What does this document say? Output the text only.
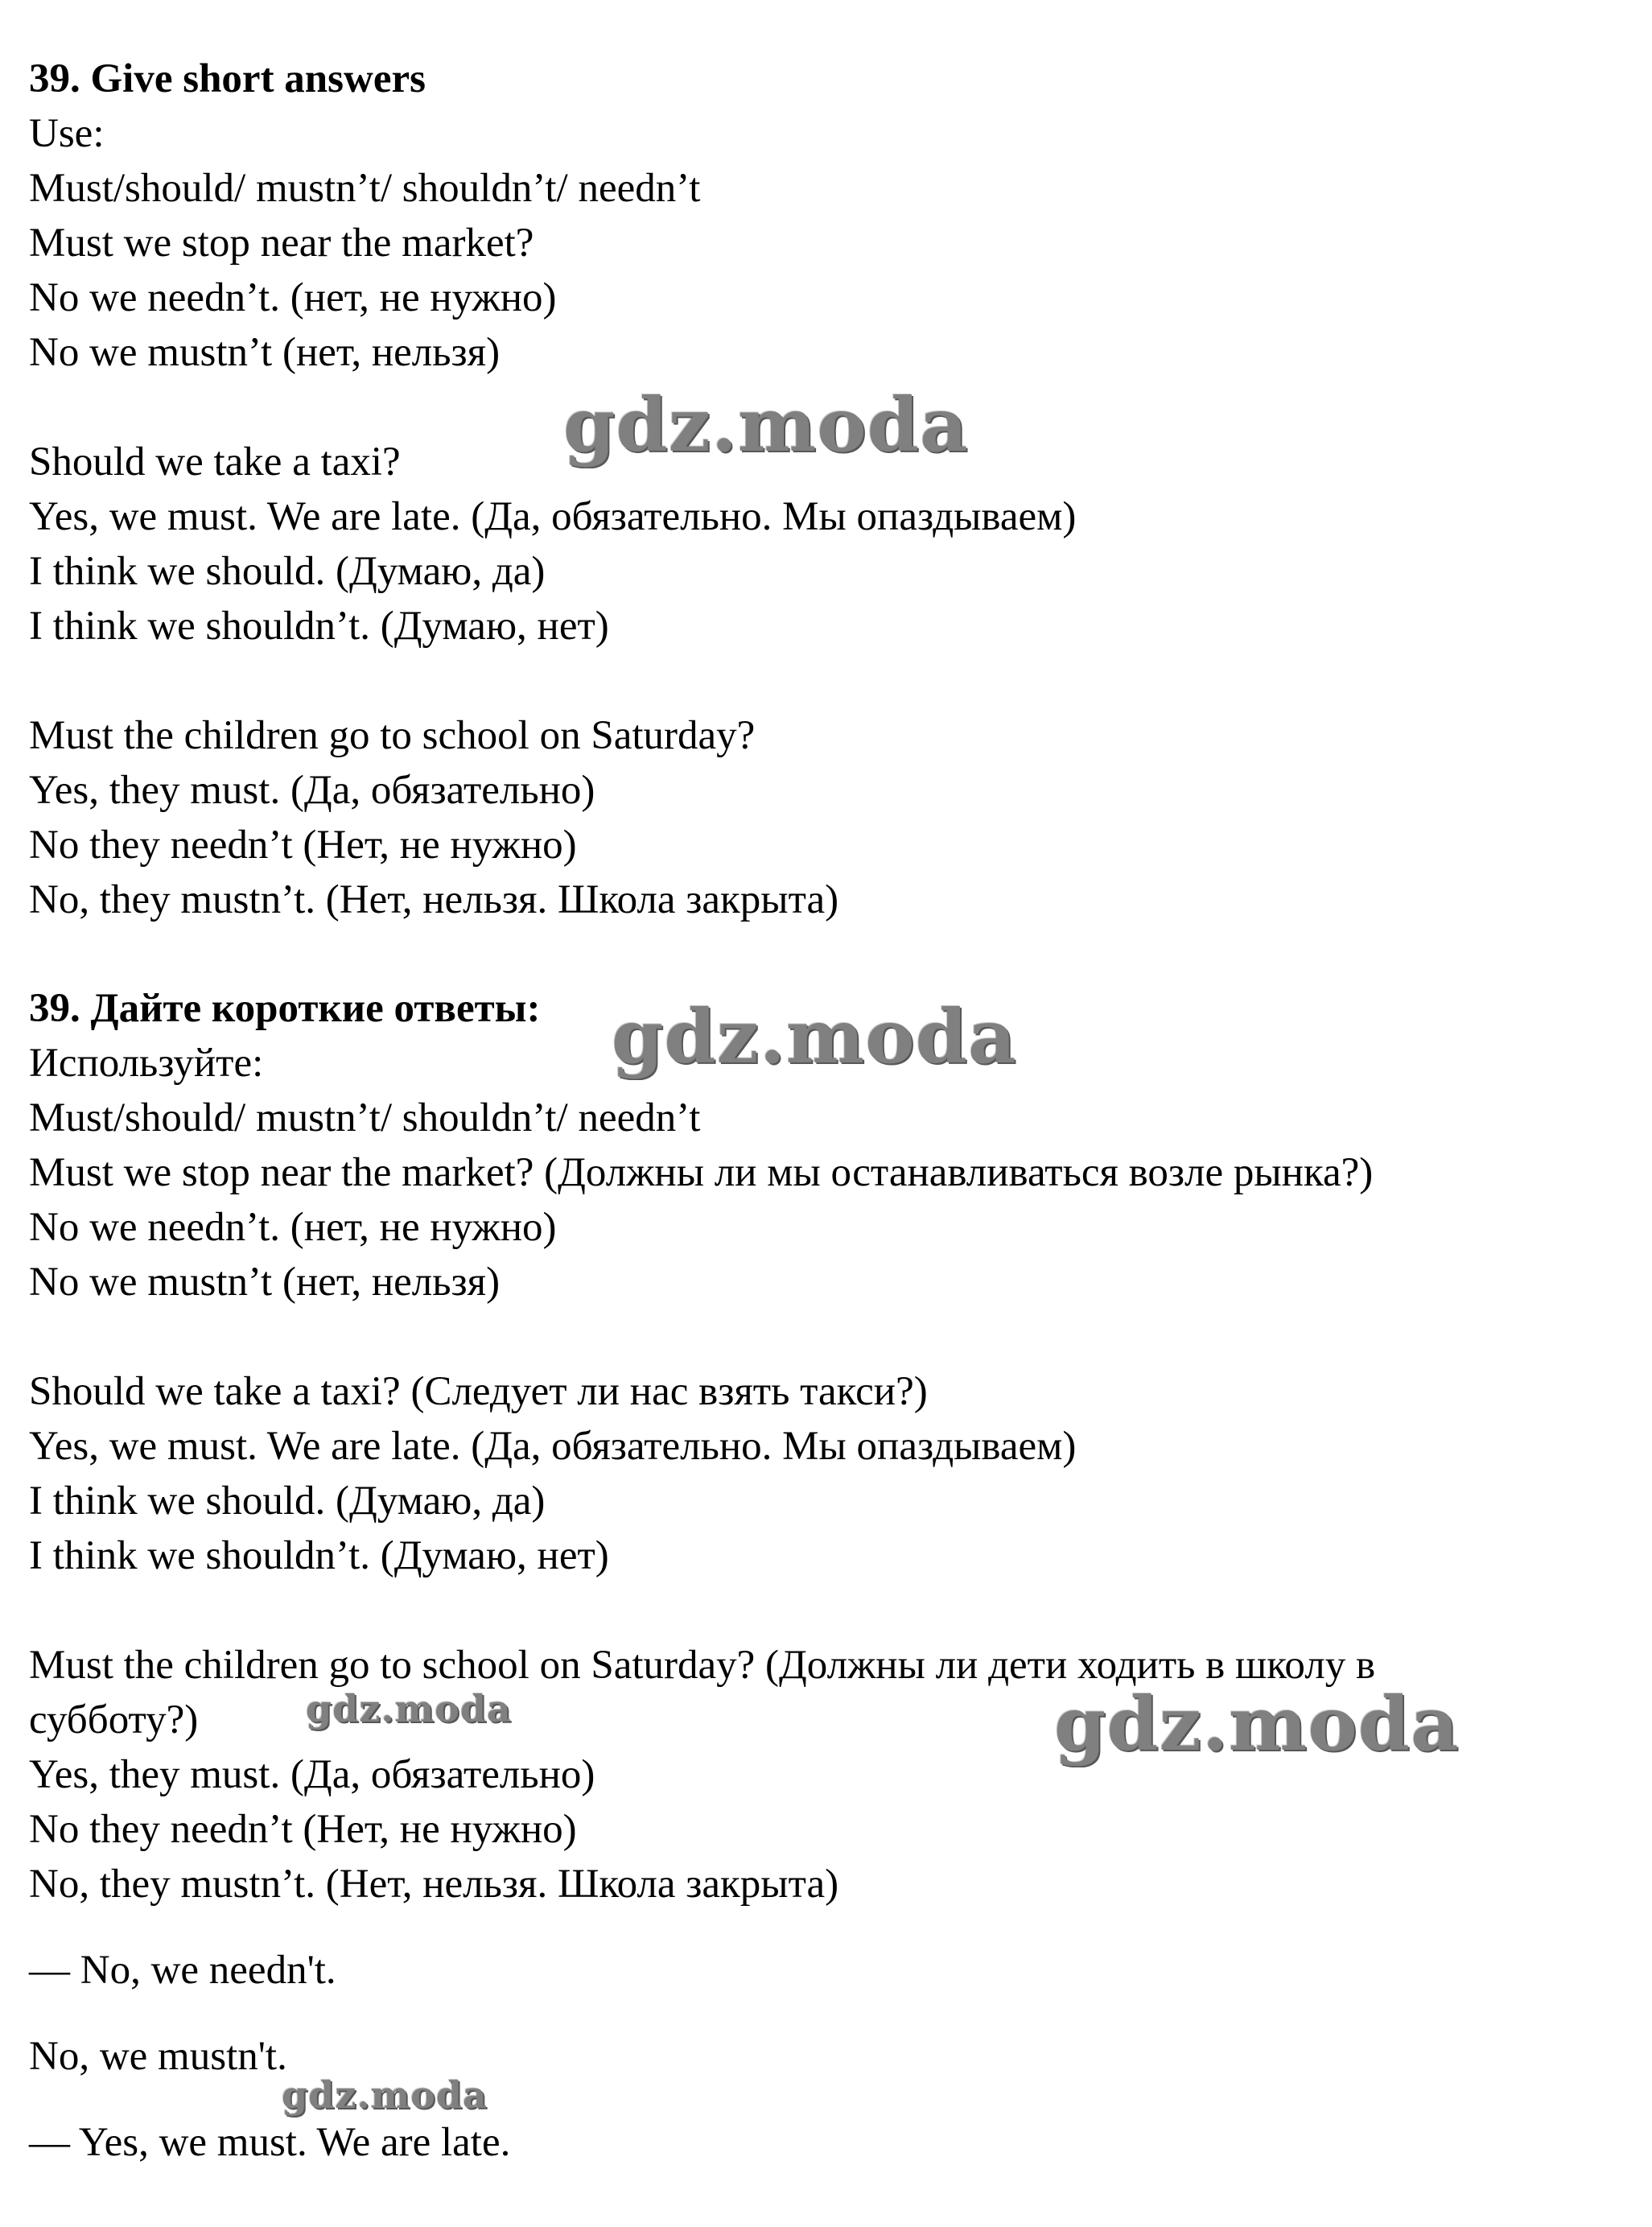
39. Give short answers
Use:
Must/should/ mustn’t/ shouldn’t/ needn’t
Must we stop near the market?
No we needn’t. (нет, не нужно)
No we mustn’t (нет, нельзя)
Should we take a taxi?
Yes, we must. We are late. (Да, обязательно. Мы опаздываем)
I think we should. (Думаю, да)
I think we shouldn’t. (Думаю, нет)
Must the children go to school on Saturday?
Yes, they must. (Да, обязательно)
No they needn’t (Нет, не нужно)
No, they mustn’t. (Нет, нельзя. Школа закрыта)
39. Дайте короткие ответы:
Используйте:
Must/should/ mustn’t/ shouldn’t/ needn’t
Must we stop near the market? (Должны ли мы останавливаться возле рынка?)
No we needn’t. (нет, не нужно)
No we mustn’t (нет, нельзя)
Should we take a taxi? (Следует ли нас взять такси?)
Yes, we must. We are late. (Да, обязательно. Мы опаздываем)
I think we should. (Думаю, да)
I think we shouldn’t. (Думаю, нет)
Must the children go to school on Saturday? (Должны ли дети ходить в школу в
субботу?)
Yes, they must. (Да, обязательно)
No they needn’t (Нет, не нужно)
No, they mustn’t. (Нет, нельзя. Школа закрыта)
— No, we needn't.
No, we mustn't.
— Yes, we must. We are late.
gdz.moda
gdz.moda
gdz.moda	gdz.moda
gdz.moda
